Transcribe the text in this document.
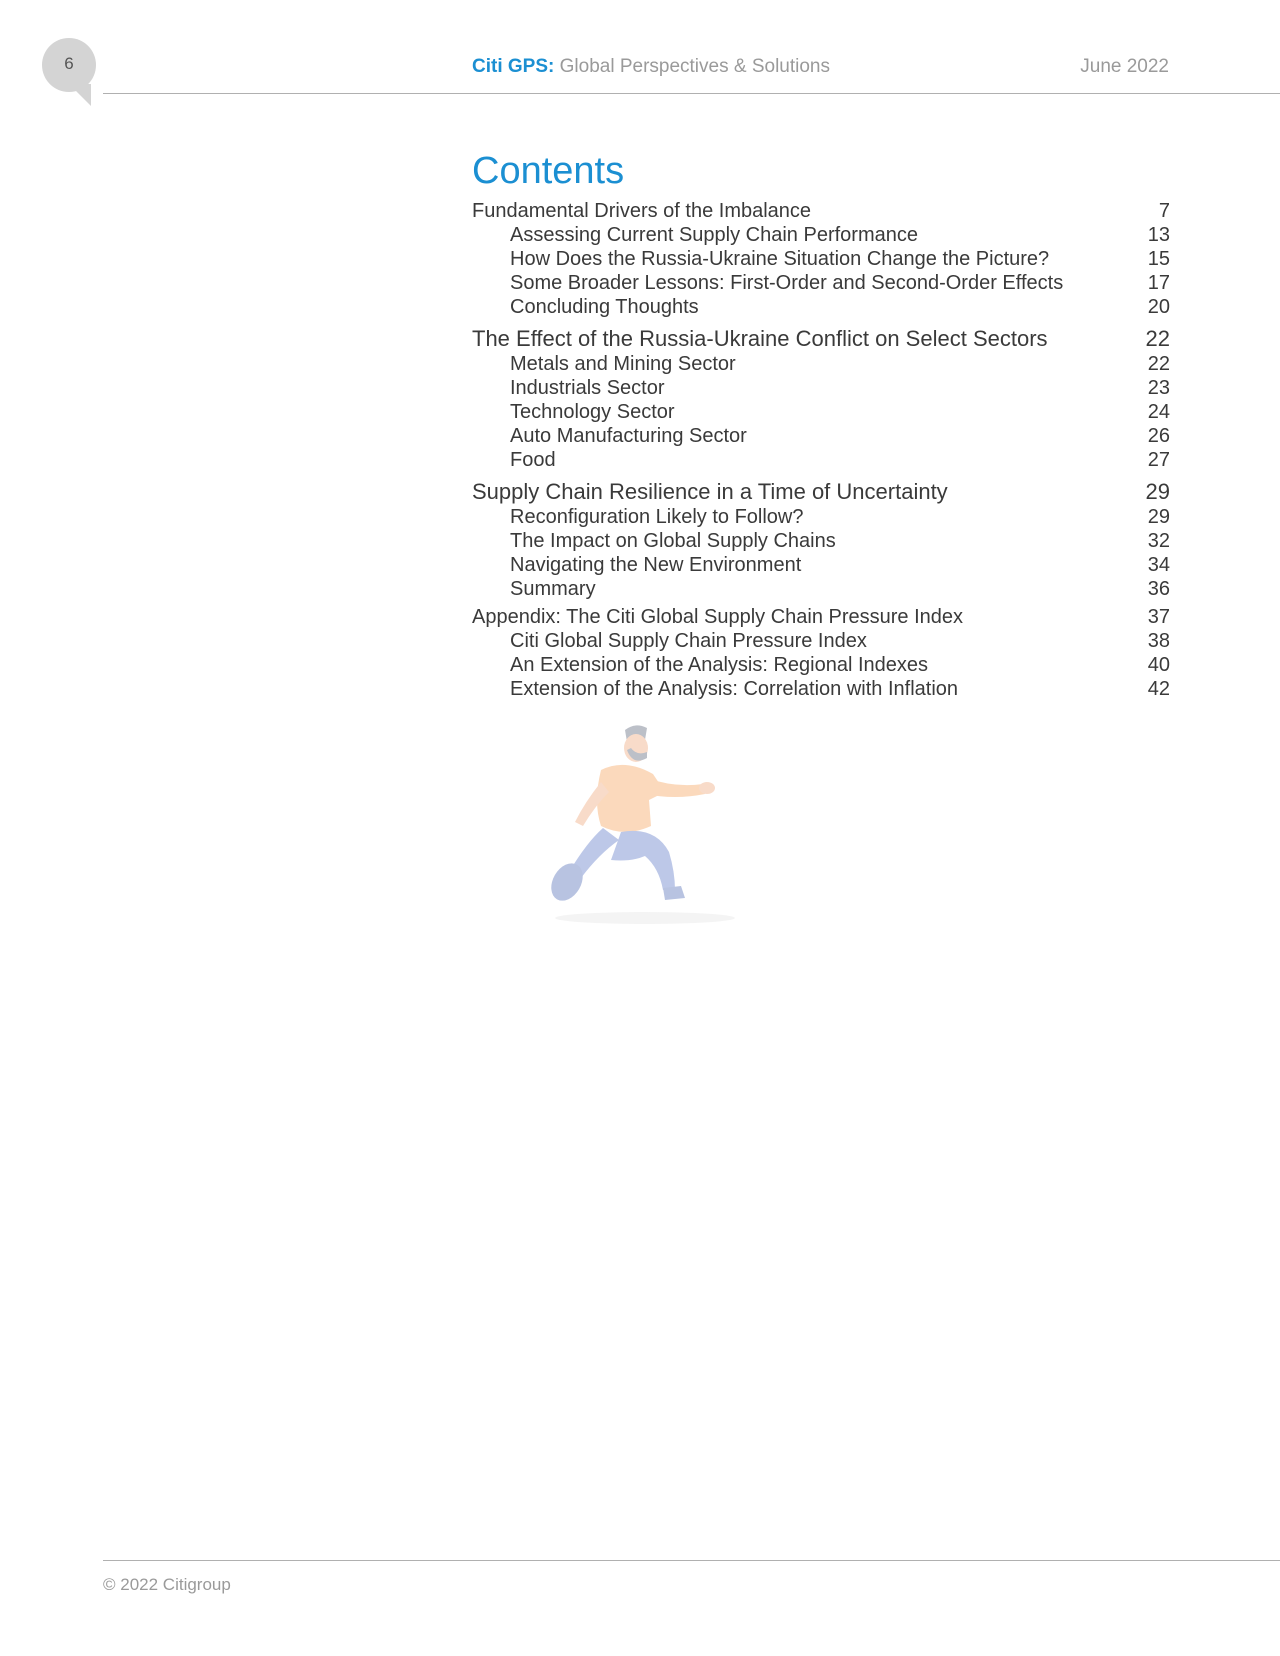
6	Citi GPS: Global Perspectives & Solutions	June 2022
Contents
Fundamental Drivers of the Imbalance	7
Assessing Current Supply Chain Performance	13
How Does the Russia-Ukraine Situation Change the Picture?	15
Some Broader Lessons: First-Order and Second-Order Effects	17
Concluding Thoughts	20
The Effect of the Russia-Ukraine Conflict on Select Sectors	22
Metals and Mining Sector	22
Industrials Sector	23
Technology Sector	24
Auto Manufacturing Sector	26
Food	27
Supply Chain Resilience in a Time of Uncertainty	29
Reconfiguration Likely to Follow?	29
The Impact on Global Supply Chains	32
Navigating the New Environment	34
Summary	36
Appendix: The Citi Global Supply Chain Pressure Index	37
Citi Global Supply Chain Pressure Index	38
An Extension of the Analysis: Regional Indexes	40
Extension of the Analysis: Correlation with Inflation	42
© 2022 Citigroup
